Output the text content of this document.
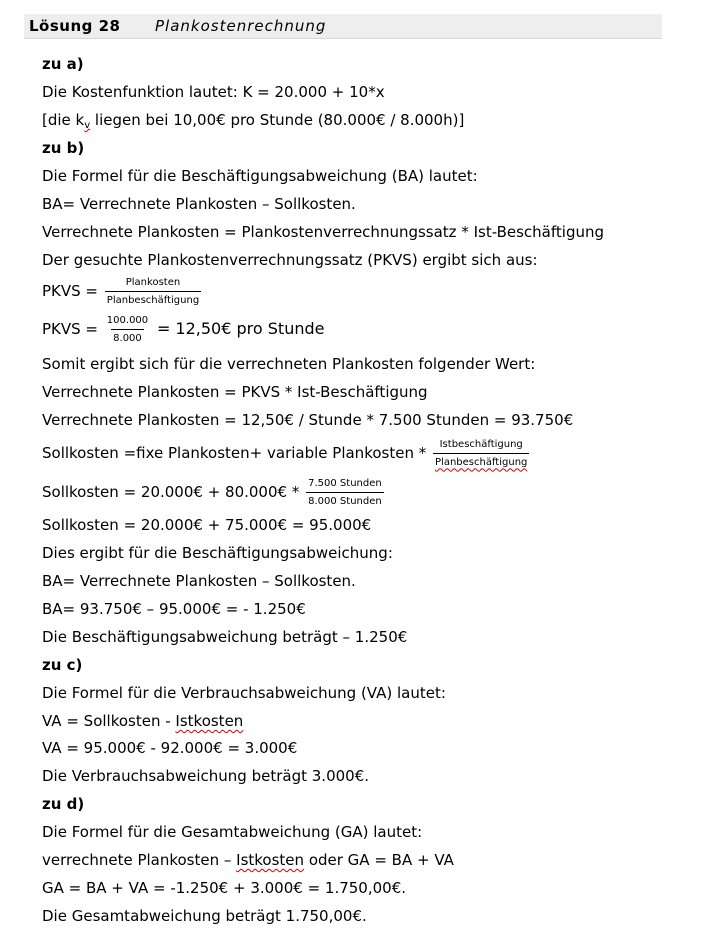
Lösung 28 Plankostenrechnung
zu a)
Die Kostenfunktion lautet: K = 20.000 + 10*x
[die $k_v$ liegen bei 10,00€ pro Stunde (80.000€ / 8.000h)]
zu b)
Die Formel für die Beschäftigungsabweichung (BA) lautet:
BA= Verrechnete Plankosten – Sollkosten.
Verrechnete Plankosten = Plankostenverrechnungssatz * Ist-Beschäftigung
Der gesuchte Plankostenverrechnungssatz (PKVS) ergibt sich aus:
PKVS = $\frac{\text{Plankosten}}{\text{Planbeschäftigung}}$
PKVS = $\frac{100.000}{8.000}$ = 12,50€ pro Stunde
Somit ergibt sich für die verrechneten Plankosten folgender Wert:
Verrechnete Plankosten = PKVS * Ist-Beschäftigung
Verrechnete Plankosten = 12,50€ / Stunde * 7.500 Stunden = 93.750€
Sollkosten =fixe Plankosten+ variable Plankosten * $\frac{\text{Istbeschäftigung}}{\text{Planbeschäftigung}}$
Sollkosten = 20.000€ + 80.000€ * $\frac{\text{7.500 Stunden}}{\text{8.000 Stunden}}$
Sollkosten = 20.000€ + 75.000€ = 95.000€
Dies ergibt für die Beschäftigungsabweichung:
BA= Verrechnete Plankosten – Sollkosten.
BA= 93.750€ – 95.000€ = - 1.250€
Die Beschäftigungsabweichung beträgt – 1.250€
zu c)
Die Formel für die Verbrauchsabweichung (VA) lautet:
VA = Sollkosten - Istkosten
VA = 95.000€ - 92.000€ = 3.000€
Die Verbrauchsabweichung beträgt 3.000€.
zu d)
Die Formel für die Gesamtabweichung (GA) lautet:
verrechnete Plankosten – Istkosten oder GA = BA + VA
GA = BA + VA = -1.250€ + 3.000€ = 1.750,00€.
Die Gesamtabweichung beträgt 1.750,00€.
